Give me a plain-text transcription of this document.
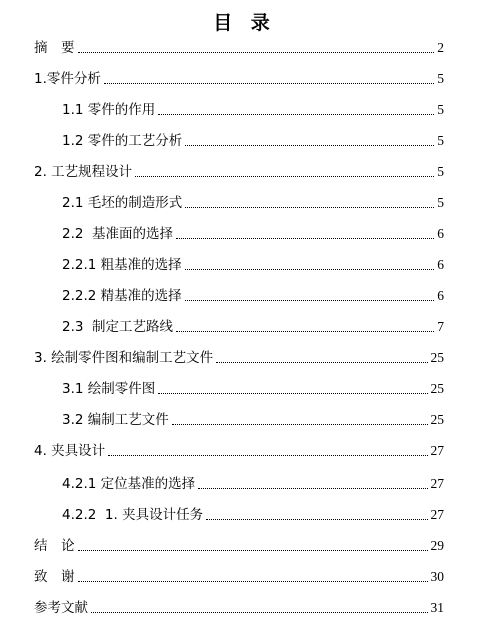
目 录
摘　要	2
1.零件分析	5
1.1 零件的作用	5
1.2 零件的工艺分析	5
2. 工艺规程设计	5
2.1 毛坯的制造形式	5
2.2  基准面的选择	6
2.2.1 粗基准的选择	6
2.2.2 精基准的选择	6
2.3  制定工艺路线	7
3. 绘制零件图和编制工艺文件	25
3.1 绘制零件图	25
3.2 编制工艺文件	25
4. 夹具设计	27
4.2.1 定位基准的选择	27
4.2.2  1. 夹具设计任务	27
结　论	29
致　谢	30
参考文献	31
